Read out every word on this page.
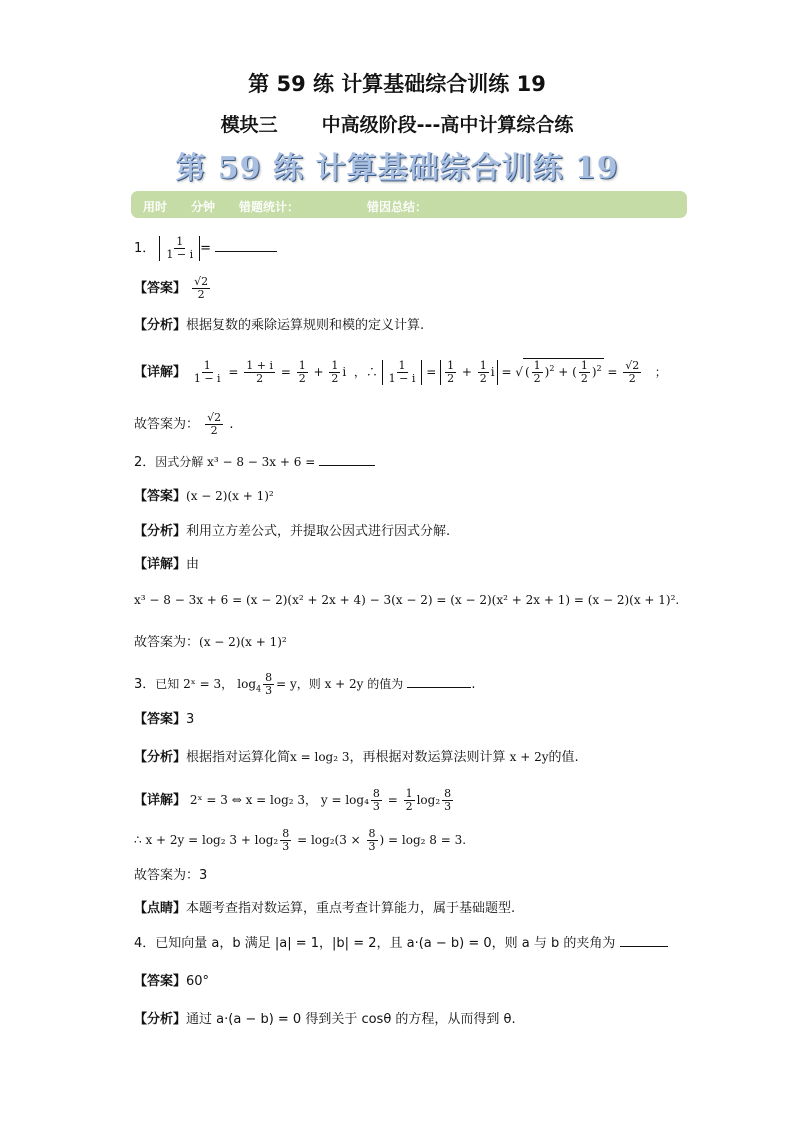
第 59 练 计算基础综合训练 19
模块三 中高级阶段---高中计算综合练
第 59 练 计算基础综合训练 19
用时 分钟 错题统计：	错因总结：
1． $\frac{1}{1 - i}$ =
【答案】 $\frac{√2}{2}$
【分析】根据复数的乘除运算规则和模的定义计算.
【详解】 $\frac{1}{1 - i} = \frac{1 + i}{2} = \frac{1}{2} + \frac{1}{2}$ i  ，∴ $\frac{1}{1 - i} = \frac{1}{2} + \frac{1}{2}$ i = √ ( $\frac{1}{2} )^2$ + ( $\frac{1}{2} )^2 = \frac{√2}{2}$ ；
故答案为： $\frac{√2}{2}$ .
2．因式分解 x³ − 8 − 3x + 6 =
【答案】(x − 2)(x + 1)²
【分析】利用立方差公式，并提取公因式进行因式分解.
【详解】由
x³ − 8 − 3x + 6 = (x − 2)(x² + 2x + 4) − 3(x − 2) = (x − 2)(x² + 2x + 1) = (x − 2)(x + 1)².
故答案为：(x − 2)(x + 1)²
3．已知 2ˣ = 3， $\log_4 \frac{8}{3} = y$，则 x + 2y 的值为	.
【答案】3
【分析】根据指对运算化简x = log₂ 3，再根据对数运算法则计算 x + 2y的值.
【详解】 2ˣ = 3 ⇔ x = log₂ 3， $y = \log_4 \frac{8}{3} = \frac{1}{2} \log_2 \frac{8}{3}$
∴ x + 2y = log₂ $3 + \log_2 \frac{8}{3} = \log_2(3 \times \frac{8}{3}$ ) = log₂ 8 = 3.
故答案为：3
【点睛】本题考查指对数运算，重点考查计算能力，属于基础题型.
4．已知向量 a，b 满足 |a| = 1，|b| = 2，且 a·(a − b) = 0，则 a 与 b 的夹角为
【答案】60°
【分析】通过 a·(a − b) = 0 得到关于 cosθ 的方程，从而得到 θ.
